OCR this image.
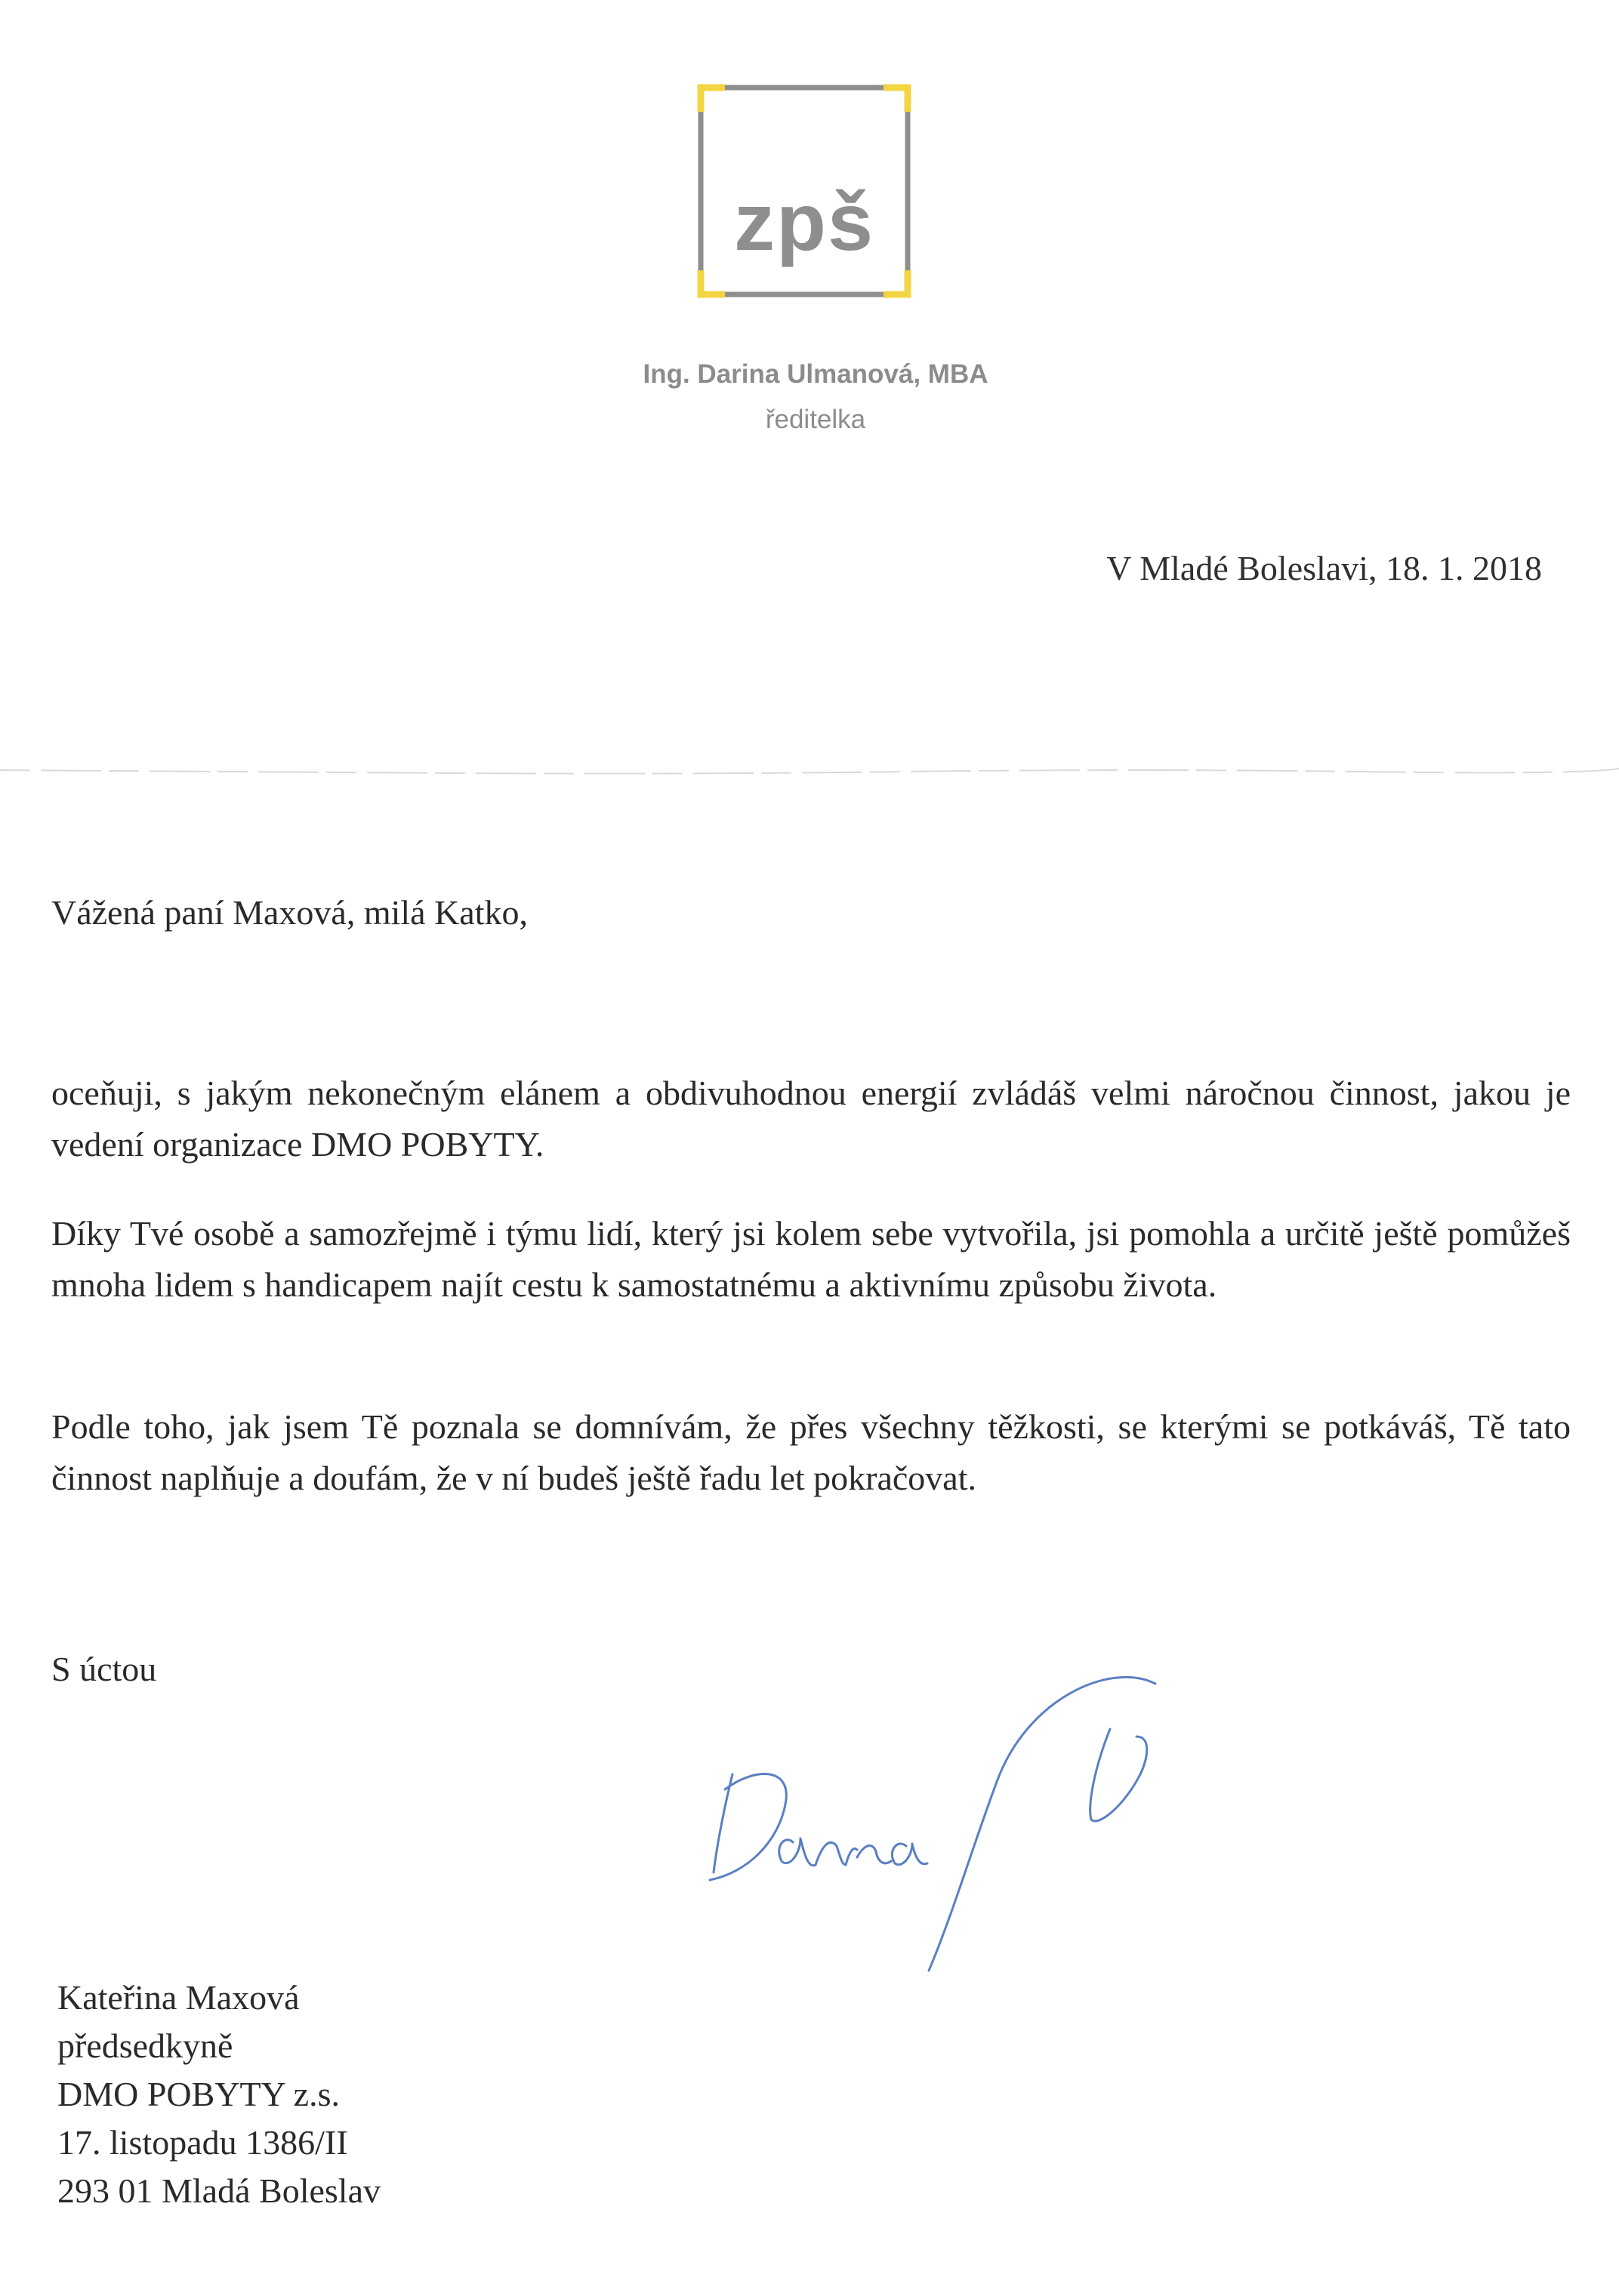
zpš
Ing. Darina Ulmanová, MBA
ředitelka
V Mladé Boleslavi, 18. 1. 2018
Vážená paní Maxová, milá Katko,

oceňuji, s jakým nekonečným elánem a obdivuhodnou energií zvládáš velmi náročnou činnost, jakou je vedení organizace DMO POBYTY.

Díky Tvé osobě a samozřejmě i týmu lidí, který jsi kolem sebe vytvořila, jsi pomohla a určitě ještě pomůžeš mnoha lidem s handicapem najít cestu k samostatnému a aktivnímu způsobu života.

Podle toho, jak jsem Tě poznala se domnívám, že přes všechny těžkosti, se kterými se potkáváš, Tě tato činnost naplňuje a doufám, že v ní budeš ještě řadu let pokračovat.

S úctou
Kateřina Maxová
předsedkyně
DMO POBYTY z.s.
17. listopadu 1386/II
293 01 Mladá Boleslav
